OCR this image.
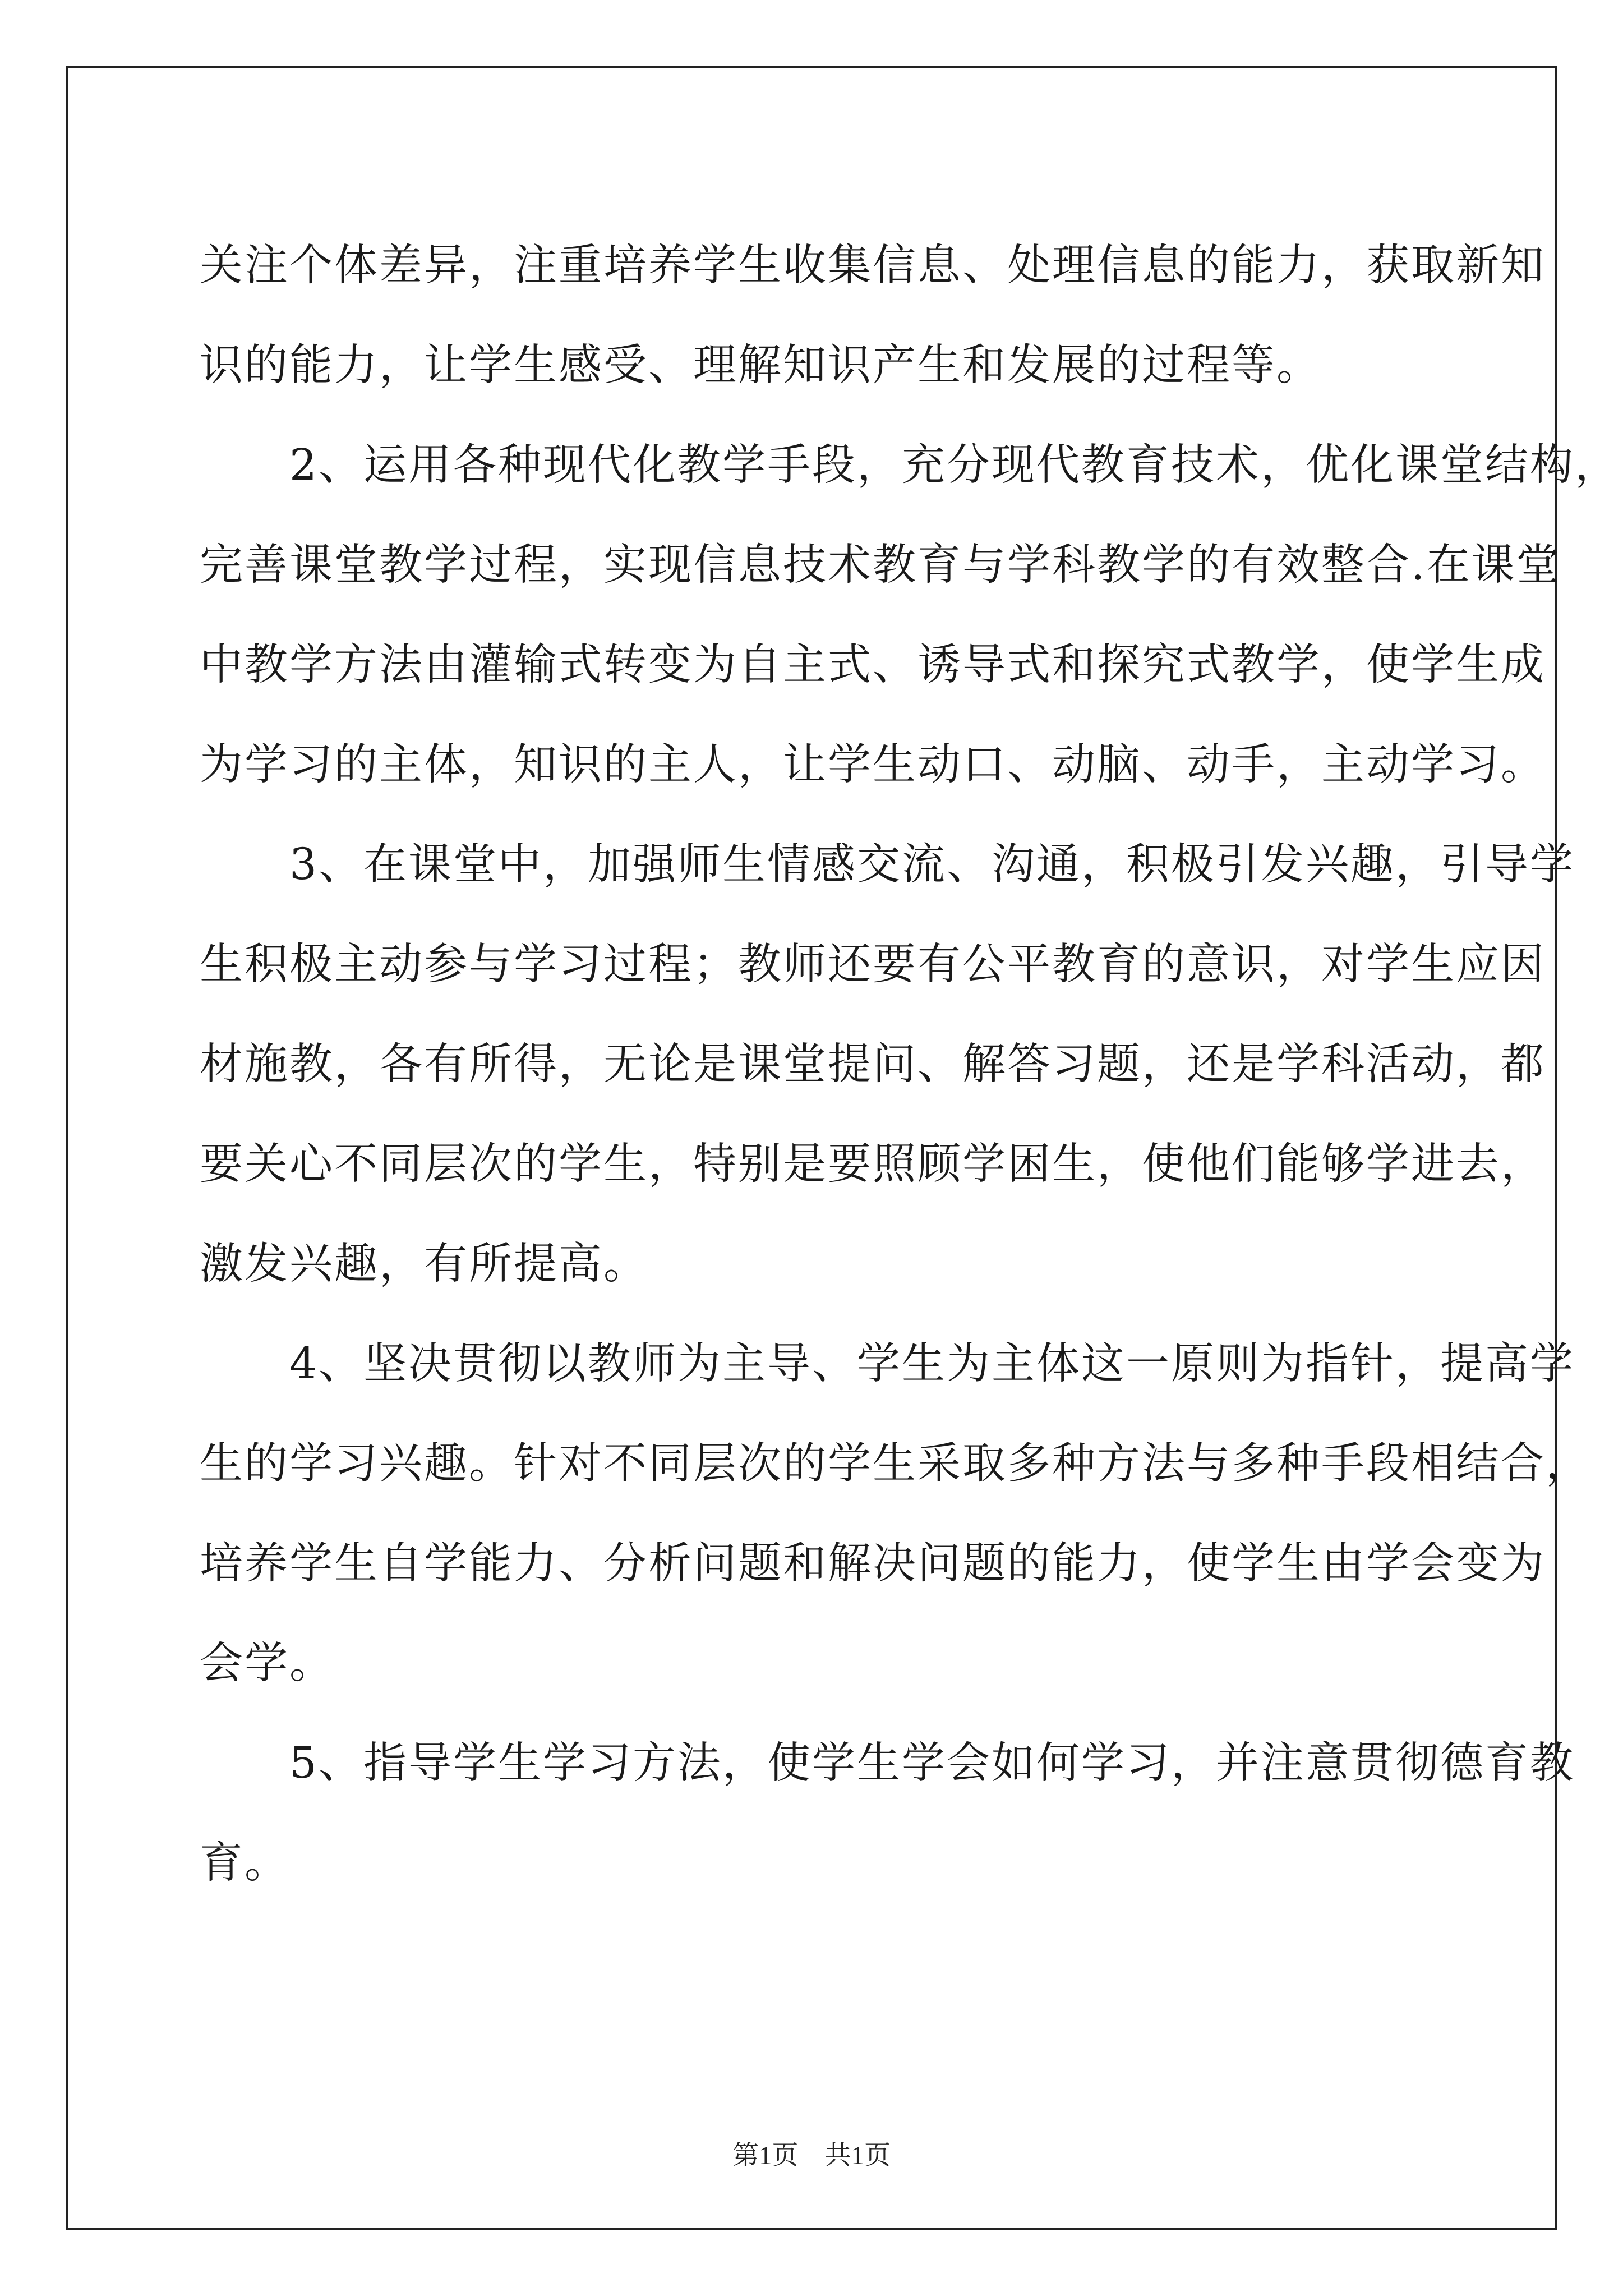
关注个体差异，注重培养学生收集信息、处理信息的能力，获取新知
识的能力，让学生感受、理解知识产生和发展的过程等。
　　2、运用各种现代化教学手段，充分现代教育技术，优化课堂结构，
完善课堂教学过程，实现信息技术教育与学科教学的有效整合.在课堂
中教学方法由灌输式转变为自主式、诱导式和探究式教学，使学生成
为学习的主体，知识的主人，让学生动口、动脑、动手，主动学习。
　　3、在课堂中，加强师生情感交流、沟通，积极引发兴趣，引导学
生积极主动参与学习过程；教师还要有公平教育的意识，对学生应因
材施教，各有所得，无论是课堂提问、解答习题，还是学科活动，都
要关心不同层次的学生，特别是要照顾学困生，使他们能够学进去，
激发兴趣，有所提高。
　　4、坚决贯彻以教师为主导、学生为主体这一原则为指针，提高学
生的学习兴趣。针对不同层次的学生采取多种方法与多种手段相结合，
培养学生自学能力、分析问题和解决问题的能力，使学生由学会变为
会学。
　　5、指导学生学习方法，使学生学会如何学习，并注意贯彻德育教
育。
第1页　共1页
